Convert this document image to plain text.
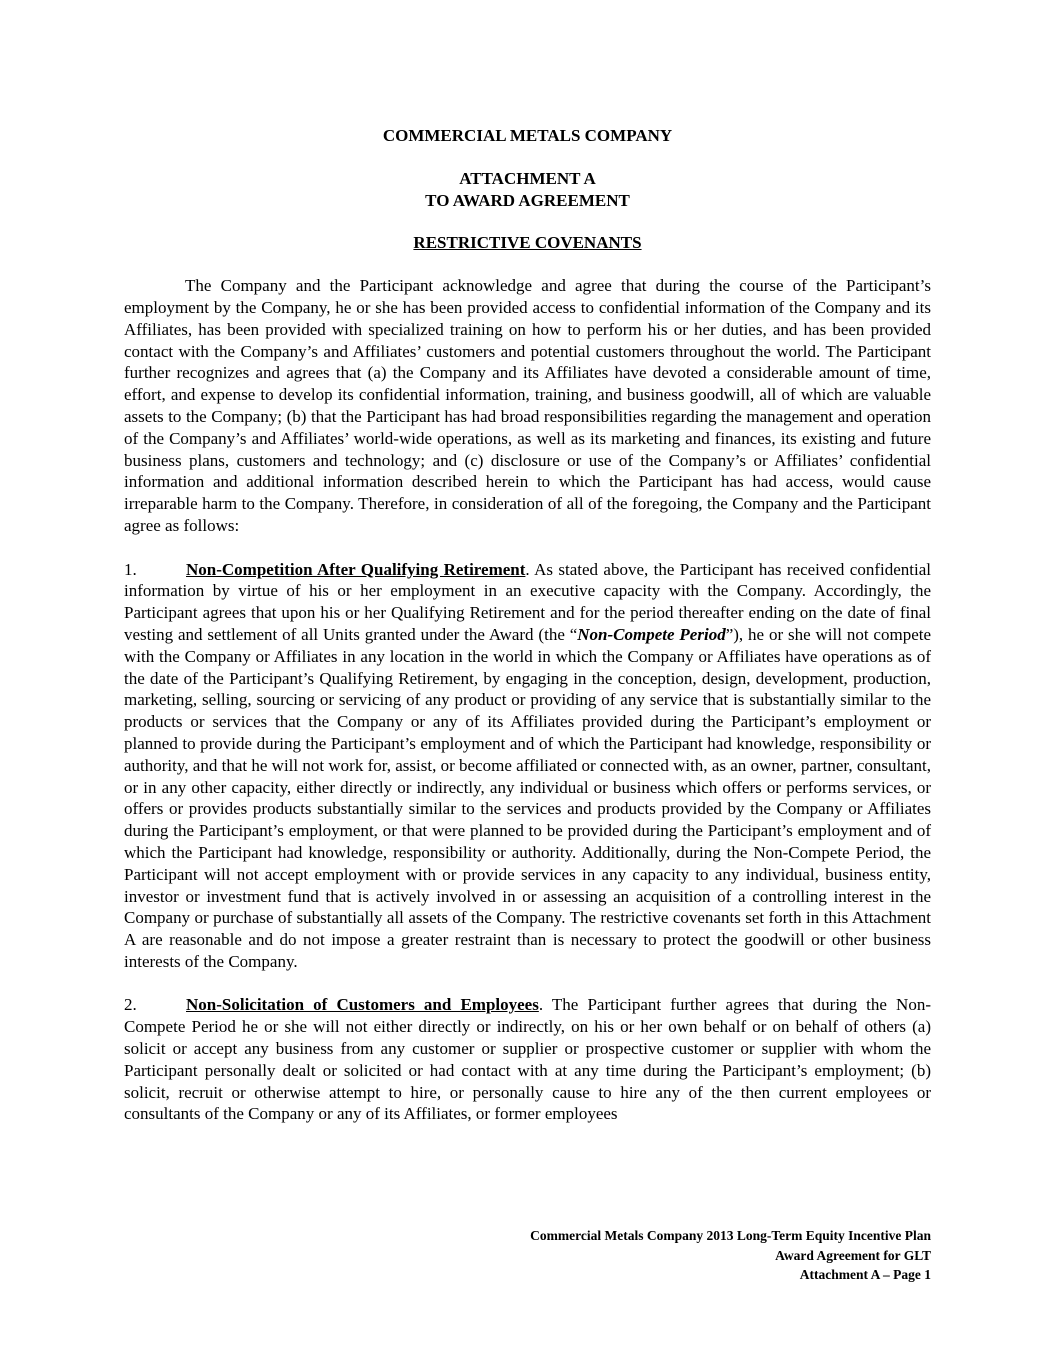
COMMERCIAL METALS COMPANY
ATTACHMENT A
TO AWARD AGREEMENT
RESTRICTIVE COVENANTS

The Company and the Participant acknowledge and agree that during the course of the Participant’s employment by the Company, he or she has been provided access to confidential information of the Company and its Affiliates, has been provided with specialized training on how to perform his or her duties, and has been provided contact with the Company’s and Affiliates’ customers and potential customers throughout the world. The Participant further recognizes and agrees that (a) the Company and its Affiliates have devoted a considerable amount of time, effort, and expense to develop its confidential information, training, and business goodwill, all of which are valuable assets to the Company; (b) that the Participant has had broad responsibilities regarding the management and operation of the Company’s and Affiliates’ world-wide operations, as well as its marketing and finances, its existing and future business plans, customers and technology; and (c) disclosure or use of the Company’s or Affiliates’ confidential information and additional information described herein to which the Participant has had access, would cause irreparable harm to the Company. Therefore, in consideration of all of the foregoing, the Company and the Participant agree as follows:

1.	Non-Competition After Qualifying Retirement. As stated above, the Participant has received confidential information by virtue of his or her employment in an executive capacity with the Company. Accordingly, the Participant agrees that upon his or her Qualifying Retirement and for the period thereafter ending on the date of final vesting and settlement of all Units granted under the Award (the “Non-Compete Period”), he or she will not compete with the Company or Affiliates in any location in the world in which the Company or Affiliates have operations as of the date of the Participant’s Qualifying Retirement, by engaging in the conception, design, development, production, marketing, selling, sourcing or servicing of any product or providing of any service that is substantially similar to the products or services that the Company or any of its Affiliates provided during the Participant’s employment or planned to provide during the Participant’s employment and of which the Participant had knowledge, responsibility or authority, and that he will not work for, assist, or become affiliated or connected with, as an owner, partner, consultant, or in any other capacity, either directly or indirectly, any individual or business which offers or performs services, or offers or provides products substantially similar to the services and products provided by the Company or Affiliates during the Participant’s employment, or that were planned to be provided during the Participant’s employment and of which the Participant had knowledge, responsibility or authority. Additionally, during the Non-Compete Period, the Participant will not accept employment with or provide services in any capacity to any individual, business entity, investor or investment fund that is actively involved in or assessing an acquisition of a controlling interest in the Company or purchase of substantially all assets of the Company. The restrictive covenants set forth in this Attachment A are reasonable and do not impose a greater restraint than is necessary to protect the goodwill or other business interests of the Company.

2.	Non-Solicitation of Customers and Employees. The Participant further agrees that during the Non-Compete Period he or she will not either directly or indirectly, on his or her own behalf or on behalf of others (a) solicit or accept any business from any customer or supplier or prospective customer or supplier with whom the Participant personally dealt or solicited or had contact with at any time during the Participant’s employment; (b) solicit, recruit or otherwise attempt to hire, or personally cause to hire any of the then current employees or consultants of the Company or any of its Affiliates, or former employees

Commercial Metals Company 2013 Long-Term Equity Incentive Plan
Award Agreement for GLT
Attachment A – Page 1
